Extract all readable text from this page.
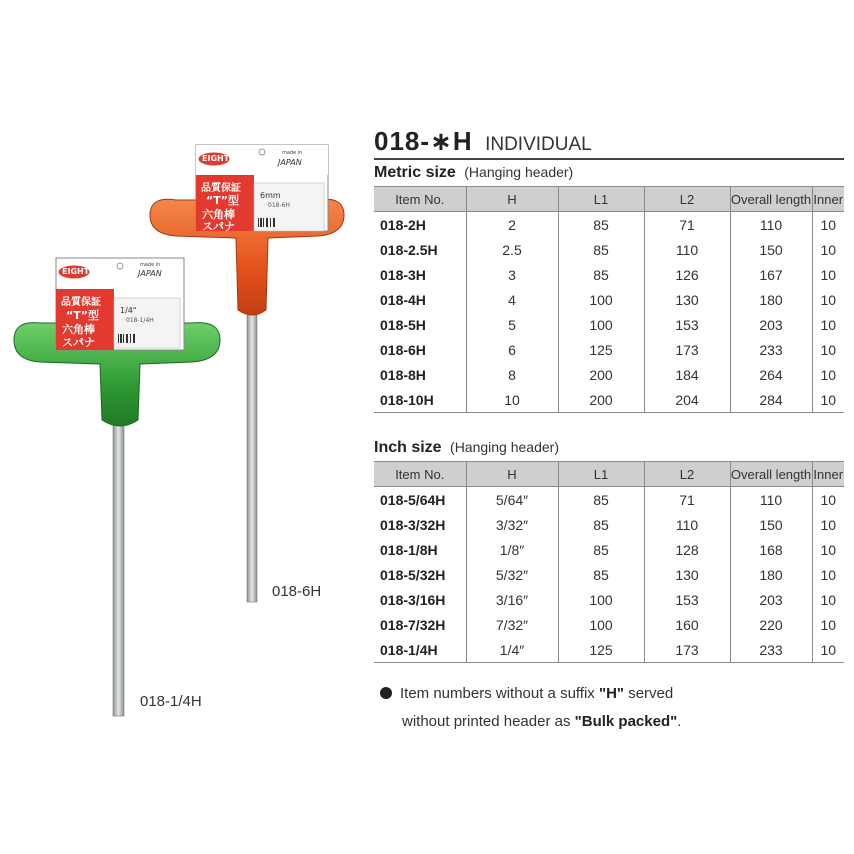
EIGHT
made in
JAPAN
品質保証
“T”型
六角棒
スパナ
6mm
018-6H
EIGHT
made in
JAPAN
品質保証
“T”型
六角棒
スパナ
1/4"
018-1/4H
018-6H
018-1/4H
018-∗H INDIVIDUAL
Metric size (Hanging header)
Item No.	H	L1	L2	Overall length	Inner
018-2H	2	85	71	110	10
018-2.5H	2.5	85	110	150	10
018-3H	3	85	126	167	10
018-4H	4	100	130	180	10
018-5H	5	100	153	203	10
018-6H	6	125	173	233	10
018-8H	8	200	184	264	10
018-10H	10	200	204	284	10
Inch size (Hanging header)
Item No.	H	L1	L2	Overall length	Inner
018-5/64H	5/64″	85	71	110	10
018-3/32H	3/32″	85	110	150	10
018-1/8H	1/8″	85	128	168	10
018-5/32H	5/32″	85	130	180	10
018-3/16H	3/16″	100	153	203	10
018-7/32H	7/32″	100	160	220	10
018-1/4H	1/4″	125	173	233	10
Item numbers without a suffix "H" served
without printed header as "Bulk packed".
